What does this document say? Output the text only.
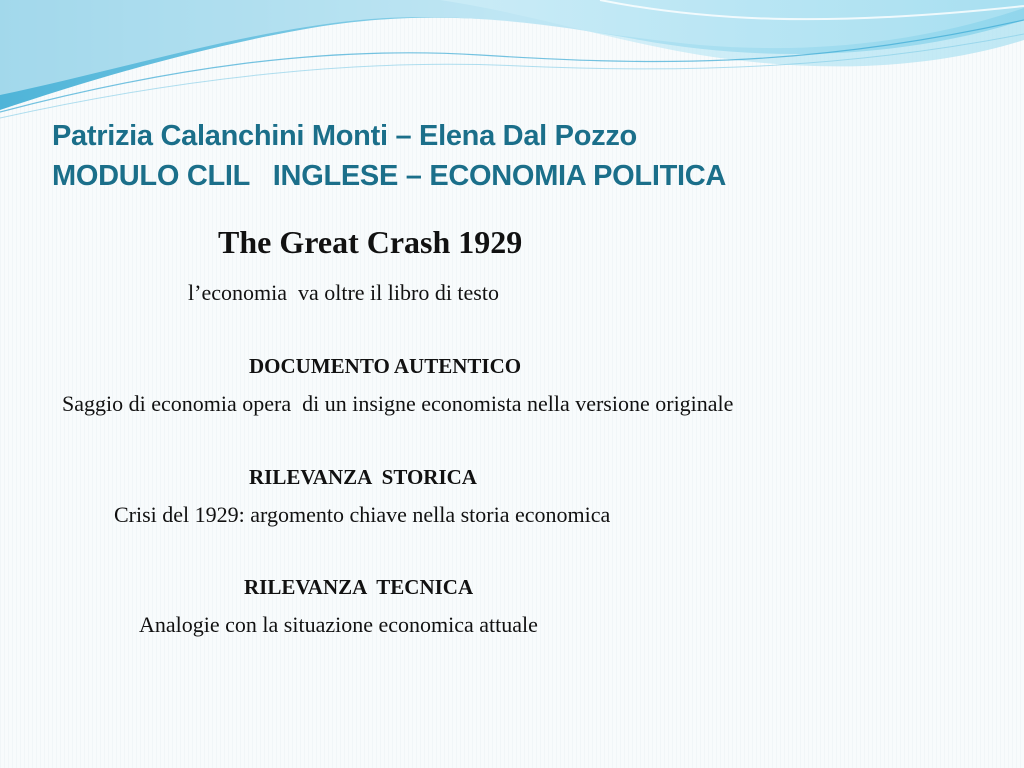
Patrizia Calanchini Monti – Elena Dal Pozzo
MODULO CLIL   INGLESE – ECONOMIA POLITICA
The Great Crash 1929
l’economia  va oltre il libro di testo
DOCUMENTO AUTENTICO
Saggio di economia opera  di un insigne economista nella versione originale
RILEVANZA  STORICA
Crisi del 1929: argomento chiave nella storia economica
RILEVANZA  TECNICA
Analogie con la situazione economica attuale
